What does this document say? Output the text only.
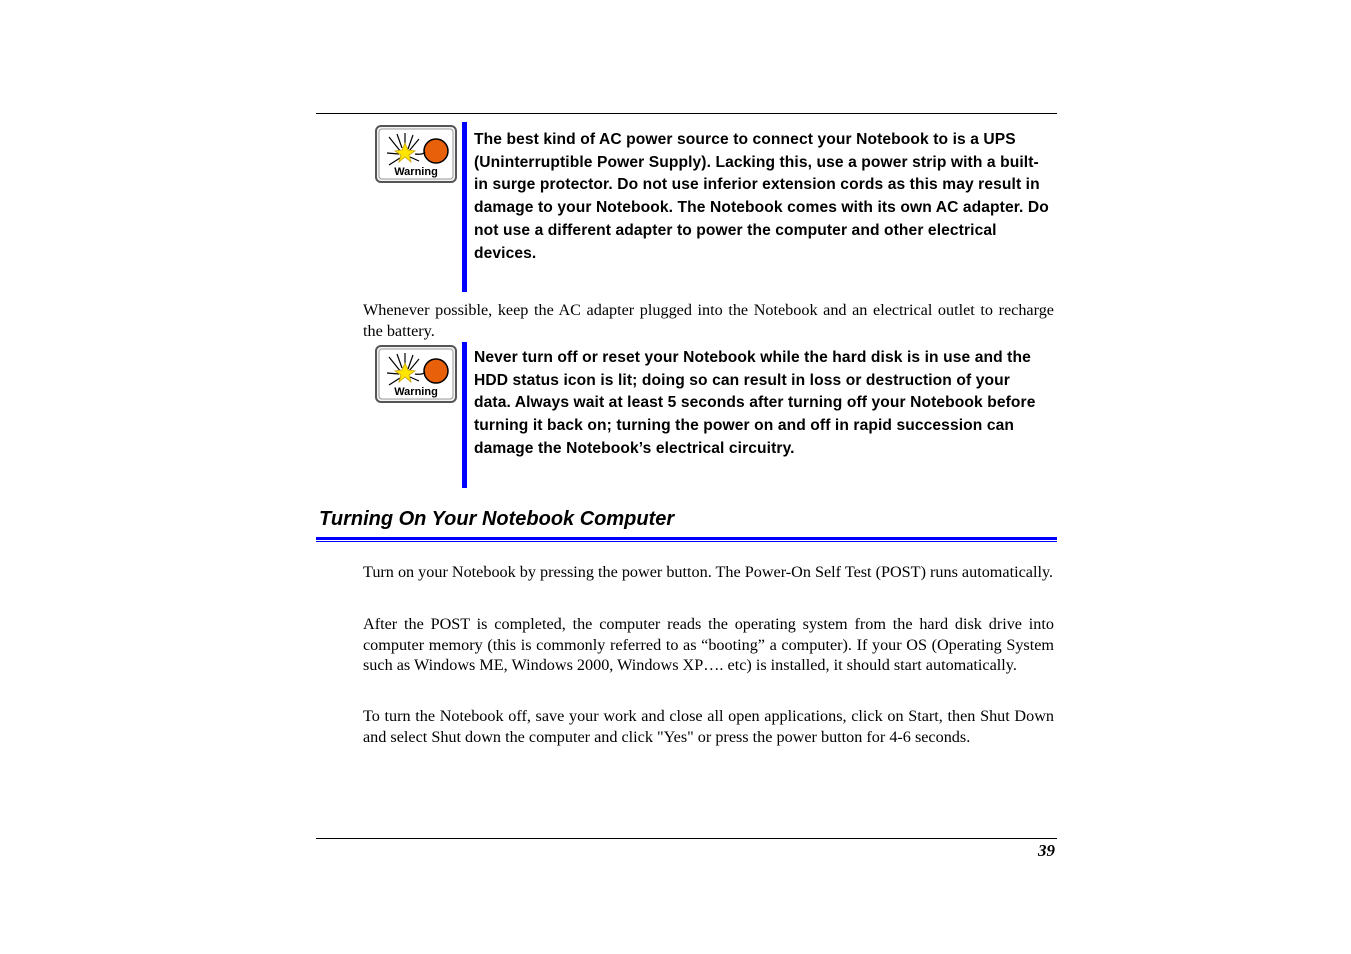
Warning

The best kind of AC power source to connect your Notebook to is a UPS (Uninterruptible Power Supply). Lacking this, use a power strip with a built-in surge protector. Do not use inferior extension cords as this may result in damage to your Notebook. The Notebook comes with its own AC adapter. Do not use a different adapter to power the computer and other electrical devices.

Whenever possible, keep the AC adapter plugged into the Notebook and an electrical outlet to recharge the battery.

Warning

Never turn off or reset your Notebook while the hard disk is in use and the HDD status icon is lit; doing so can result in loss or destruction of your data. Always wait at least 5 seconds after turning off your Notebook before turning it back on; turning the power on and off in rapid succession can damage the Notebook’s electrical circuitry.

Turning On Your Notebook Computer

Turn on your Notebook by pressing the power button. The Power-On Self Test (POST) runs automatically.

After the POST is completed, the computer reads the operating system from the hard disk drive into computer memory (this is commonly referred to as “booting” a computer). If your OS (Operating System such as Windows ME, Windows 2000, Windows XP…. etc) is installed, it should start automatically.

To turn the Notebook off, save your work and close all open applications, click on Start, then Shut Down and select Shut down the computer and click "Yes" or press the power button for 4-6 seconds.

39
